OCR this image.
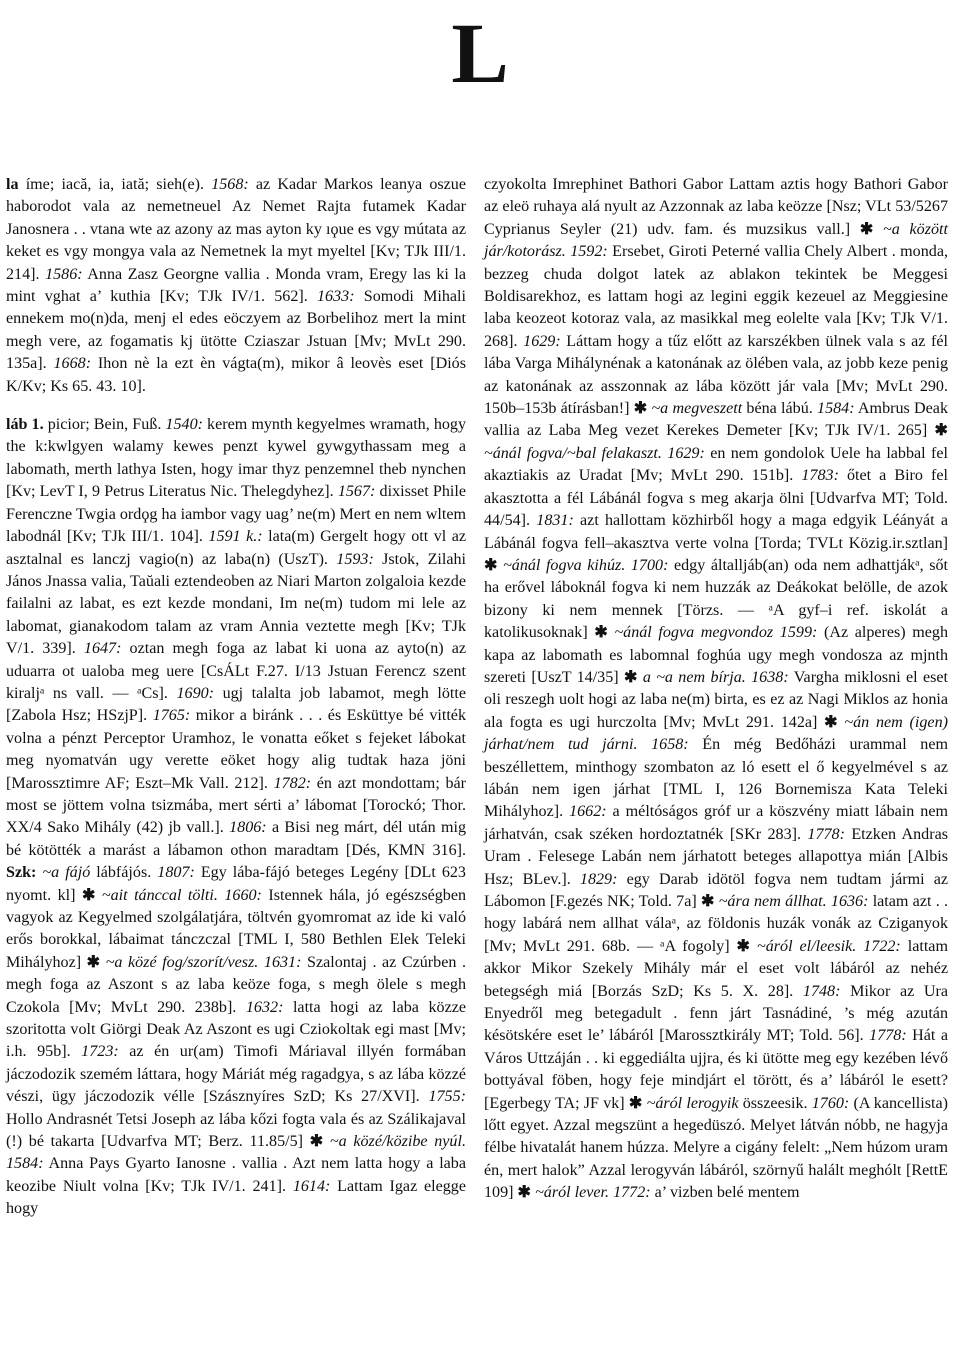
L

la íme; iacă, ia, iată; sieh(e). 1568: az Kadar Markos leanya oszue haborodot vala az nemetneuel Az Nemet Rajta futamek Kadar Janosnera . . vtana wte az azony az mas ayton ky ıϙue es vgy mútata az keket es vgy mongya vala az Nemetnek la myt myeltel [Kv; TJk III/1. 214]. 1586: Anna Zasz Georgne vallia . Monda vram, Eregy las ki la mint vghat a’ kuthia [Kv; TJk IV/1. 562]. 1633: Somodi Mihali ennekem mo(n)da, menj el edes eöczyem az Borbelihoz mert la mint megh vere, az fogamatis kj ütötte Cziaszar Jstuan [Mv; MvLt 290. 135a]. 1668: Ihon nè la ezt èn vágta(m), mikor â leovès eset [Diós K/Kv; Ks 65. 43. 10].

láb 1. picior; Bein, Fuß. 1540: kerem mynth kegyelmes wramath, hogy the k:kwlgyen walamy kewes penzt kywel gywgythassam meg a labomath, merth lathya Isten, hogy imar thyz penzemnel theb nynchen [Kv; LevT I, 9 Petrus Literatus Nic. Thelegdyhez]. 1567: dixisset Phile Ferenczne Twgia ordϙg ha iambor vagy uag’ ne(m) Mert en nem wltem labodnál [Kv; TJk III/1. 104]. 1591 k.: lata(m) Gergelt hogy ott vl az asztalnal es lanczj vagio(n) az laba(n) (UszT). 1593: Jstok, Zilahi János Jnassa valia, Taŭali eztendeoben az Niari Marton zolgaloia kezde failalni az labat, es ezt kezde mondani, Im ne(m) tudom mi lele az labomat, gianakodom talam az vram Annia veztette megh [Kv; TJk V/1. 339]. 1647: oztan megh foga az labat ki uona az ayto(n) az uduarra ot ualoba meg uere [CsÁLt F.27. I/13 Jstuan Ferencz szent kiraljᵃ ns vall. — ᵃCs]. 1690: ugj talalta job labamot, megh lötte [Zabola Hsz; HSzjP]. 1765: mikor a biránk . . . és Esküttye bé vitték volna a pénzt Perceptor Uramhoz, le vonatta eőket s fejeket lábokat meg nyomatván ugy verette eöket hogy alig tudtak haza jöni [Marossztimre AF; Eszt–Mk Vall. 212]. 1782: én azt mondottam; bár most se jöttem volna tsizmába, mert sérti a’ lábomat [Torockó; Thor. XX/4 Sako Mihály (42) jb vall.]. 1806: a Bisi neg márt, dél után mig bé kötötték a marást a lábamon othon maradtam [Dés, KMN 316]. Szk: ~a fájó lábfájós. 1807: Egy lába-fájó beteges Legény [DLt 623 nyomt. kl] ✱ ~ait tánccal tölti. 1660: Istennek hála, jó egészségben vagyok az Kegyelmed szolgálatjára, töltvén gyomromat az ide ki való erős borokkal, lábaimat tánczczal [TML I, 580 Bethlen Elek Teleki Mihályhoz] ✱ ~a közé fog/szorít/vesz. 1631: Szalontaj . az Czúrben . megh foga az Aszont s az laba keöze foga, s megh ölele s megh Czokola [Mv; MvLt 290. 238b]. 1632: latta hogi az laba közze szoritotta volt Giörgi Deak Az Aszont es ugi Cziokoltak egi mast [Mv; i.h. 95b]. 1723: az én ur(am) Timofi Máriaval illyén formában jáczodozik szemém láttara, hogy Máriát még ragadgya, s az lába közzé vészi, ügy jáczodozik vélle [Szásznyíres SzD; Ks 27/XVI]. 1755: Hollo Andrasnét Tetsi Joseph az lába kőzi fogta vala és az Szálikajaval (!) bé takarta [Udvarfva MT; Berz. 11.85/5] ✱ ~a közé/közibe nyúl. 1584: Anna Pays Gyarto Ianosne . vallia . Azt nem latta hogy a laba keozibe Niult volna [Kv; TJk IV/1. 241]. 1614: Lattam Igaz elegge hogy

czyokolta Imrephinet Bathori Gabor Lattam aztis hogy Bathori Gabor az eleö ruhaya alá nyult az Azzonnak az laba keözze [Nsz; VLt 53/5267 Cyprianus Seyler (21) udv. fam. és muzsikus vall.] ✱ ~a között jár/kotorász. 1592: Ersebet, Giroti Peterné vallia Chely Albert . monda, bezzeg chuda dolgot latek az ablakon tekintek be Meggesi Boldisarekhoz, es lattam hogi az legini eggik kezeuel az Meggiesine laba keozeot kotoraz vala, az masikkal meg eolelte vala [Kv; TJk V/1. 268]. 1629: Láttam hogy a tűz előtt az karszékben ülnek vala s az fél lába Varga Mihálynénak a katonának az ölében vala, az jobb keze penig az katonának az asszonnak az lába között jár vala [Mv; MvLt 290. 150b–153b átírásban!] ✱ ~a megveszett béna lábú. 1584: Ambrus Deak vallia az Laba Meg vezet Kerekes Demeter [Kv; TJk IV/1. 265] ✱ ~ánál fogva/~bal felakaszt. 1629: en nem gondolok Uele ha labbal fel akaztiakis az Uradat [Mv; MvLt 290. 151b]. 1783: őtet a Biro fel akasztotta a fél Lábánál fogva s meg akarja ölni [Udvarfva MT; Told. 44/54]. 1831: azt hallottam közhirből hogy a maga edgyik Léányát a Lábánál fogva fell–akasztva verte volna [Torda; TVLt Közig.ir.sztlan] ✱ ~ánál fogva kihúz. 1700: edgy általljáb(an) oda nem adhattjákᵃ, sőt ha erővel láboknál fogva ki nem huzzák az Deákokat belölle, de azok bizony ki nem mennek [Törzs. — ᵃA gyf–i ref. iskolát a katolikusoknak] ✱ ~ánál fogva megvondoz 1599: (Az alperes) megh kapa az labomath es labomnal foghúa ugy megh vondosza az mjnth szereti [UszT 14/35] ✱ a ~a nem bírja. 1638: Vargha miklosni el eset oli reszegh uolt hogi az laba ne(m) birta, es ez az Nagi Miklos az honia ala fogta es ugi hurczolta [Mv; MvLt 291. 142a] ✱ ~án nem (igen) járhat/nem tud járni. 1658: Én még Bedőházi urammal nem beszéllettem, minthogy szombaton az ló esett el ő kegyelmével s az lábán nem igen járhat [TML I, 126 Bornemisza Kata Teleki Mihályhoz]. 1662: a méltóságos gróf ur a köszvény miatt lábain nem járhatván, csak széken hordoztatnék [SKr 283]. 1778: Etzken Andras Uram . Felesege Labán nem járhatott beteges allapottya mián [Albis Hsz; BLev.]. 1829: egy Darab idötöl fogva nem tudtam jármi az Lábomon [F.gezés NK; Told. 7a] ✱ ~ára nem állhat. 1636: latam azt . . hogy labárá nem allhat válaᵃ, az földonis huzák vonák az Cziganyok [Mv; MvLt 291. 68b. — ᵃA fogoly] ✱ ~áról el/leesik. 1722: lattam akkor Mikor Szekely Mihály már el eset volt lábáról az nehéz betegségh miá [Borzás SzD; Ks 5. X. 28]. 1748: Mikor az Ura Enyedről meg betegadult . fenn járt Tasnádiné, ’s még azután késötskére eset le’ lábáról [Marossztkirály MT; Told. 56]. 1778: Hát a Város Uttzáján . . ki eggediálta ujjra, és ki ütötte meg egy kezében lévő bottyával föben, hogy feje mindjárt el törött, és a’ lábáról le esett? [Egerbegy TA; JF vk] ✱ ~áról lerogyik összeesik. 1760: (A kancellista) lőtt egyet. Azzal megszünt a hegedüszó. Melyet látván nóbb, ne hagyja félbe hivatalát hanem húzza. Melyre a cigány felelt: „Nem húzom uram én, mert halok” Azzal lerogyván lábáról, szörnyű halált meghólt [RettE 109] ✱ ~áról lever. 1772: a’ vizben belé mentem
